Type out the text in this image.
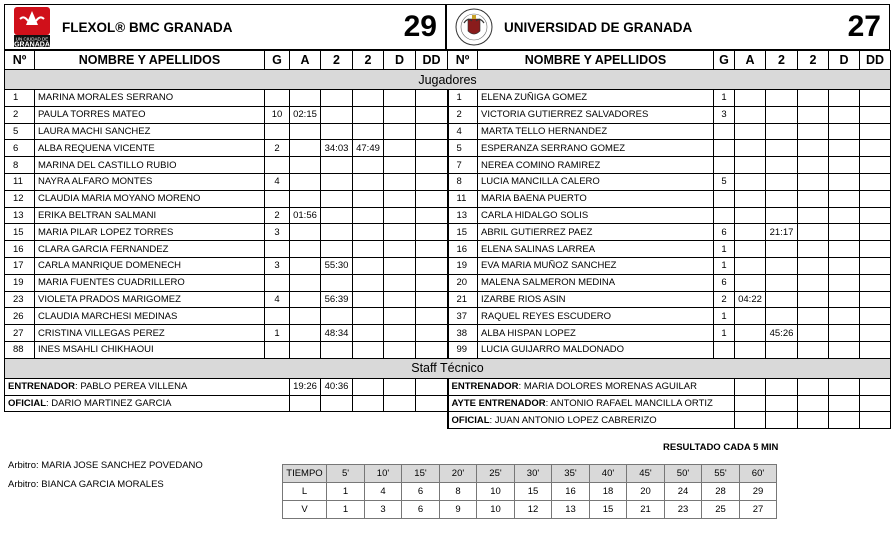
UN CIUDAD DE
GRANADA
FLEXOL® BMC GRANADA	29	UNIVERSIDAD DE GRANADA	27
Nº	NOMBRE Y APELLIDOS	G	A	2	2	D	DD	Nº	NOMBRE Y APELLIDOS	G	A	2	2	D	DD
Jugadores															
1	MARINA MORALES SERRANO							1	ELENA ZUÑIGA GOMEZ	1					
2	PAULA TORRES MATEO	10	02:15					2	VICTORIA GUTIERREZ SALVADORES	3					
5	LAURA MACHI SANCHEZ							4	MARTA TELLO HERNANDEZ						
6	ALBA REQUENA VICENTE	2		34:03	47:49			5	ESPERANZA SERRANO GOMEZ						
8	MARINA DEL CASTILLO RUBIO							7	NEREA COMINO RAMIREZ						
11	NAYRA ALFARO MONTES	4						8	LUCIA MANCILLA CALERO	5					
12	CLAUDIA MARIA MOYANO MORENO							11	MARIA BAENA PUERTO						
13	ERIKA BELTRAN SALMANI	2	01:56					13	CARLA HIDALGO SOLIS						
15	MARIA PILAR LOPEZ TORRES	3						15	ABRIL GUTIERREZ PAEZ	6		21:17			
16	CLARA GARCIA FERNANDEZ							16	ELENA SALINAS LARREA	1					
17	CARLA MANRIQUE DOMENECH	3		55:30				19	EVA MARIA MUÑOZ SANCHEZ	1					
19	MARIA FUENTES CUADRILLERO							20	MALENA SALMERON MEDINA	6					
23	VIOLETA PRADOS MARIGOMEZ	4		56:39				21	IZARBE RIOS ASIN	2	04:22				
26	CLAUDIA MARCHESI MEDINAS							37	RAQUEL REYES ESCUDERO	1					
27	CRISTINA VILLEGAS PEREZ	1		48:34				38	ALBA HISPAN LOPEZ	1		45:26			
88	INES MSAHLI CHIKHAOUI							99	LUCIA GUIJARRO MALDONADO						
Staff Técnico															
ENTRENADOR: PABLO PEREA VILLENA			19:26	40:36				ENTRENADOR: MARIA DOLORES MORENAS AGUILAR							
OFICIAL: DARIO MARTINEZ GARCIA								AYTE ENTRENADOR: ANTONIO RAFAEL MANCILLA ORTIZ							
								OFICIAL: JUAN ANTONIO LOPEZ CABRERIZO							
RESULTADO CADA 5 MIN
Arbitro: MARIA JOSE SANCHEZ POVEDANO
Arbitro: BIANCA GARCIA MORALES
TIEMPO	5'	10'	15'	20'	25'	30'	35'	40'	45'	50'	55'	60'
L	1	4	6	8	10	15	16	18	20	24	28	29
V	1	3	6	9	10	12	13	15	21	23	25	27
